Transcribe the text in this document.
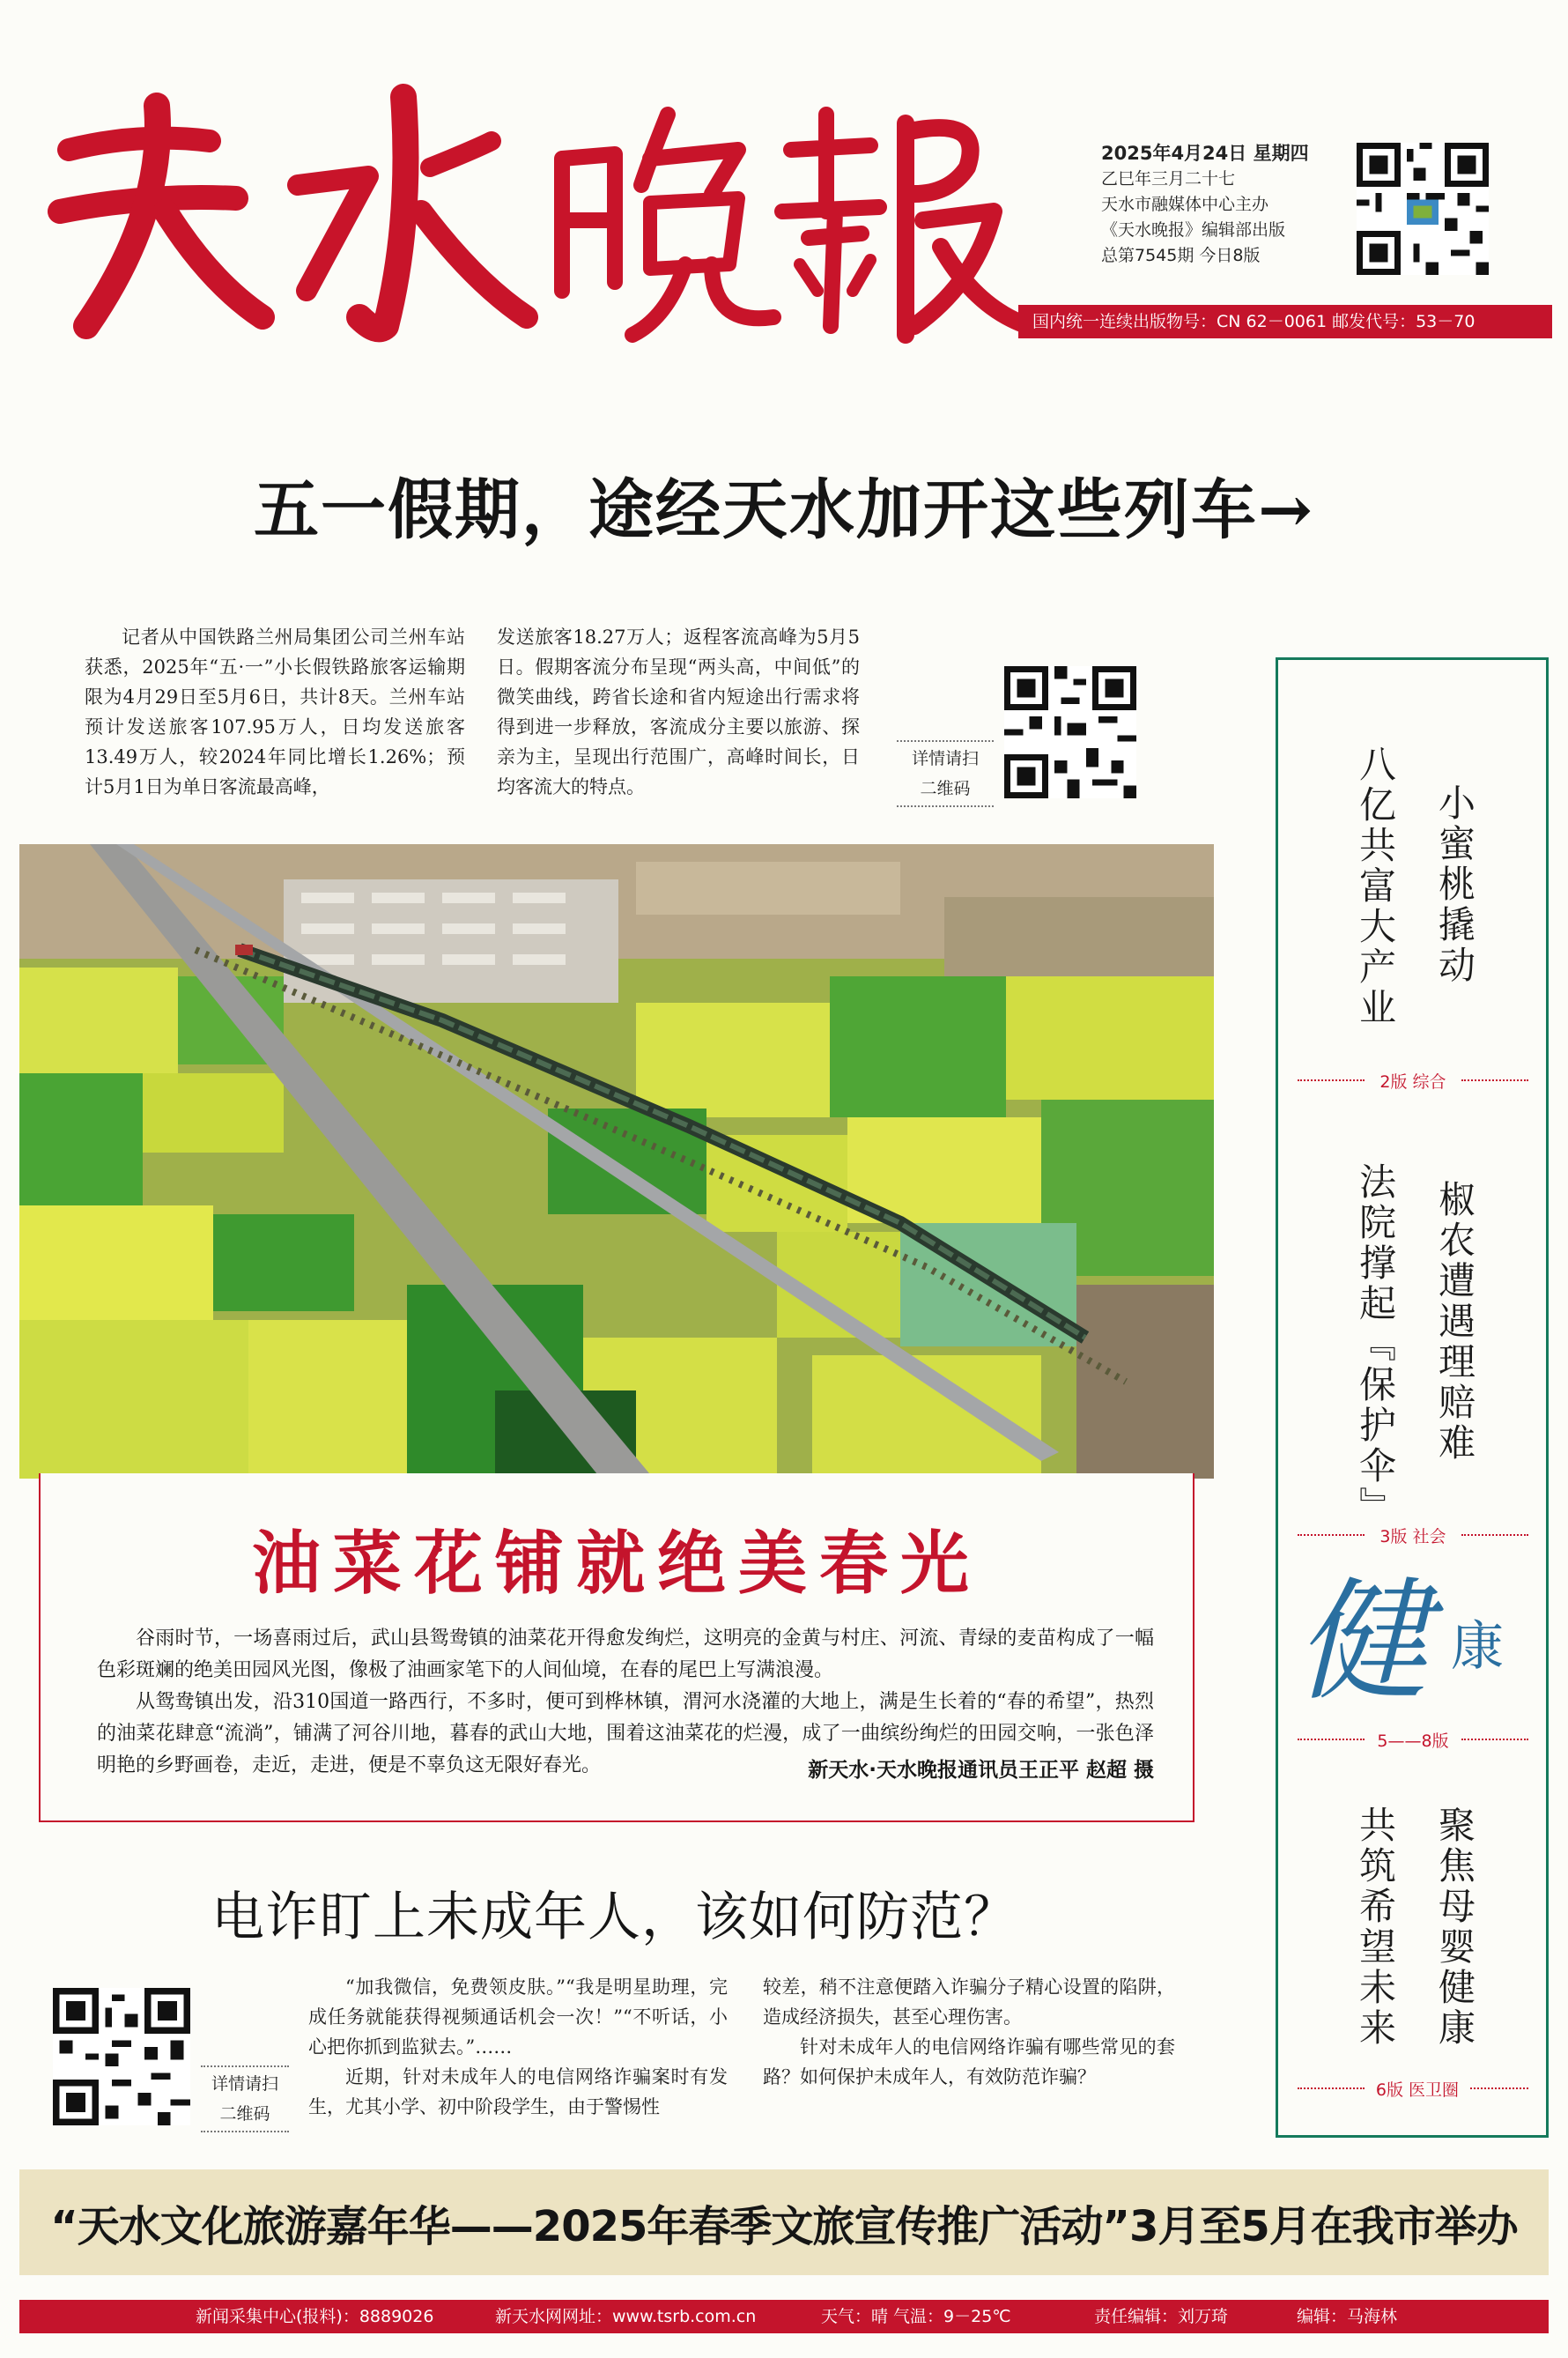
2025年4月24日 星期四
乙巳年三月二十七
天水市融媒体中心主办
《天水晚报》编辑部出版
总第7545期 今日8版
国内统一连续出版物号：CN 62－0061 邮发代号：53－70
五一假期，途经天水加开这些列车→
记者从中国铁路兰州局集团公司兰州车站获悉，2025年“五·一”小长假铁路旅客运输期限为4月29日至5月6日，共计8天。兰州车站预计发送旅客107.95万人，日均发送旅客13.49万人，较2024年同比增长1.26%；预计5月1日为单日客流最高峰，
发送旅客18.27万人；返程客流高峰为5月5日。假期客流分布呈现“两头高，中间低”的微笑曲线，跨省长途和省内短途出行需求将得到进一步释放，客流成分主要以旅游、探亲为主，呈现出行范围广，高峰时间长，日均客流大的特点。
详情请扫
二维码
油菜花铺就绝美春光

谷雨时节，一场喜雨过后，武山县鸳鸯镇的油菜花开得愈发绚烂，这明亮的金黄与村庄、河流、青绿的麦苗构成了一幅色彩斑斓的绝美田园风光图，像极了油画家笔下的人间仙境，在春的尾巴上写满浪漫。

从鸳鸯镇出发，沿310国道一路西行，不多时，便可到桦林镇，渭河水浇灌的大地上，满是生长着的“春的希望”，热烈的油菜花肆意“流淌”，铺满了河谷川地，暮春的武山大地，围着这油菜花的烂漫，成了一曲缤纷绚烂的田园交响，一张色泽明艳的乡野画卷，走近，走进，便是不辜负这无限好春光。	新天水·天水晚报通讯员王正平 赵超 摄
电诈盯上未成年人，该如何防范？
详情请扫
二维码

“加我微信，免费领皮肤。”“我是明星助理，完成任务就能获得视频通话机会一次！”“不听话，小心把你抓到监狱去。”……
近期，针对未成年人的电信网络诈骗案时有发生，尤其小学、初中阶段学生，由于警惕性

较差，稍不注意便踏入诈骗分子精心设置的陷阱，造成经济损失，甚至心理伤害。
针对未成年人的电信网络诈骗有哪些常见的套路？如何保护未成年人，有效防范诈骗？

小蜜桃撬动
八亿共富大产业
2版 综合
椒农遭遇理赔难
法院撑起『保护伞』
3版 社会
健 康
5——8版
聚焦母婴健康
共筑希望未来
6版 医卫圈
“天水文化旅游嘉年华——2025年春季文旅宣传推广活动”3月至5月在我市举办
新闻采集中心(报料)：8889026	新天水网网址：www.tsrb.com.cn	天气：晴 气温：9－25℃	责任编辑：刘万琦	编辑：马海林
